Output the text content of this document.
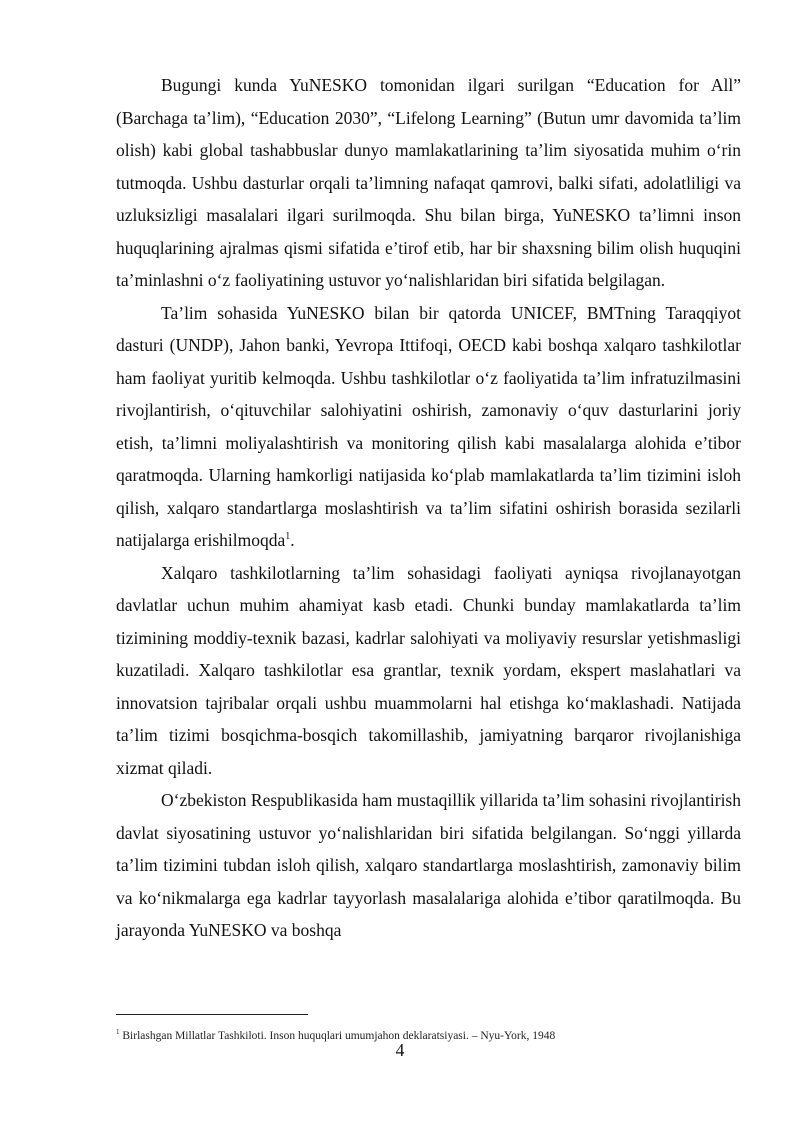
Bugungi kunda YuNESKO tomonidan ilgari surilgan “Education for All” (Barchaga ta’lim), “Education 2030”, “Lifelong Learning” (Butun umr davomida ta’lim olish) kabi global tashabbuslar dunyo mamlakatlarining ta’lim siyosatida muhim oʻrin tutmoqda. Ushbu dasturlar orqali ta’limning nafaqat qamrovi, balki sifati, adolatliligi va uzluksizligi masalalari ilgari surilmoqda. Shu bilan birga, YuNESKO ta’limni inson huquqlarining ajralmas qismi sifatida e’tirof etib, har bir shaxsning bilim olish huquqini ta’minlashni oʻz faoliyatining ustuvor yoʻnalishlaridan biri sifatida belgilagan.

Ta’lim sohasida YuNESKO bilan bir qatorda UNICEF, BMTning Taraqqiyot dasturi (UNDP), Jahon banki, Yevropa Ittifoqi, OECD kabi boshqa xalqaro tashkilotlar ham faoliyat yuritib kelmoqda. Ushbu tashkilotlar oʻz faoliyatida ta’lim infratuzilmasini rivojlantirish, oʻqituvchilar salohiyatini oshirish, zamonaviy oʻquv dasturlarini joriy etish, ta’limni moliyalashtirish va monitoring qilish kabi masalalarga alohida e’tibor qaratmoqda. Ularning hamkorligi natijasida koʻplab mamlakatlarda ta’lim tizimini isloh qilish, xalqaro standartlarga moslashtirish va ta’lim sifatini oshirish borasida sezilarli natijalarga erishilmoqda$^1$.

Xalqaro tashkilotlarning ta’lim sohasidagi faoliyati ayniqsa rivojlanayotgan davlatlar uchun muhim ahamiyat kasb etadi. Chunki bunday mamlakatlarda ta’lim tizimining moddiy-texnik bazasi, kadrlar salohiyati va moliyaviy resurslar yetishmasligi kuzatiladi. Xalqaro tashkilotlar esa grantlar, texnik yordam, ekspert maslahatlari va innovatsion tajribalar orqali ushbu muammolarni hal etishga koʻmaklashadi. Natijada ta’lim tizimi bosqichma-bosqich takomillashib, jamiyatning barqaror rivojlanishiga xizmat qiladi.

Oʻzbekiston Respublikasida ham mustaqillik yillarida ta’lim sohasini rivojlantirish davlat siyosatining ustuvor yoʻnalishlaridan biri sifatida belgilangan. Soʻnggi yillarda ta’lim tizimini tubdan isloh qilish, xalqaro standartlarga moslashtirish, zamonaviy bilim va koʻnikmalarga ega kadrlar tayyorlash masalalariga alohida e’tibor qaratilmoqda. Bu jarayonda YuNESKO va boshqa

$^1$ Birlashgan Millatlar Tashkiloti. Inson huquqlari umumjahon deklaratsiyasi. – Nyu-York, 1948
4
